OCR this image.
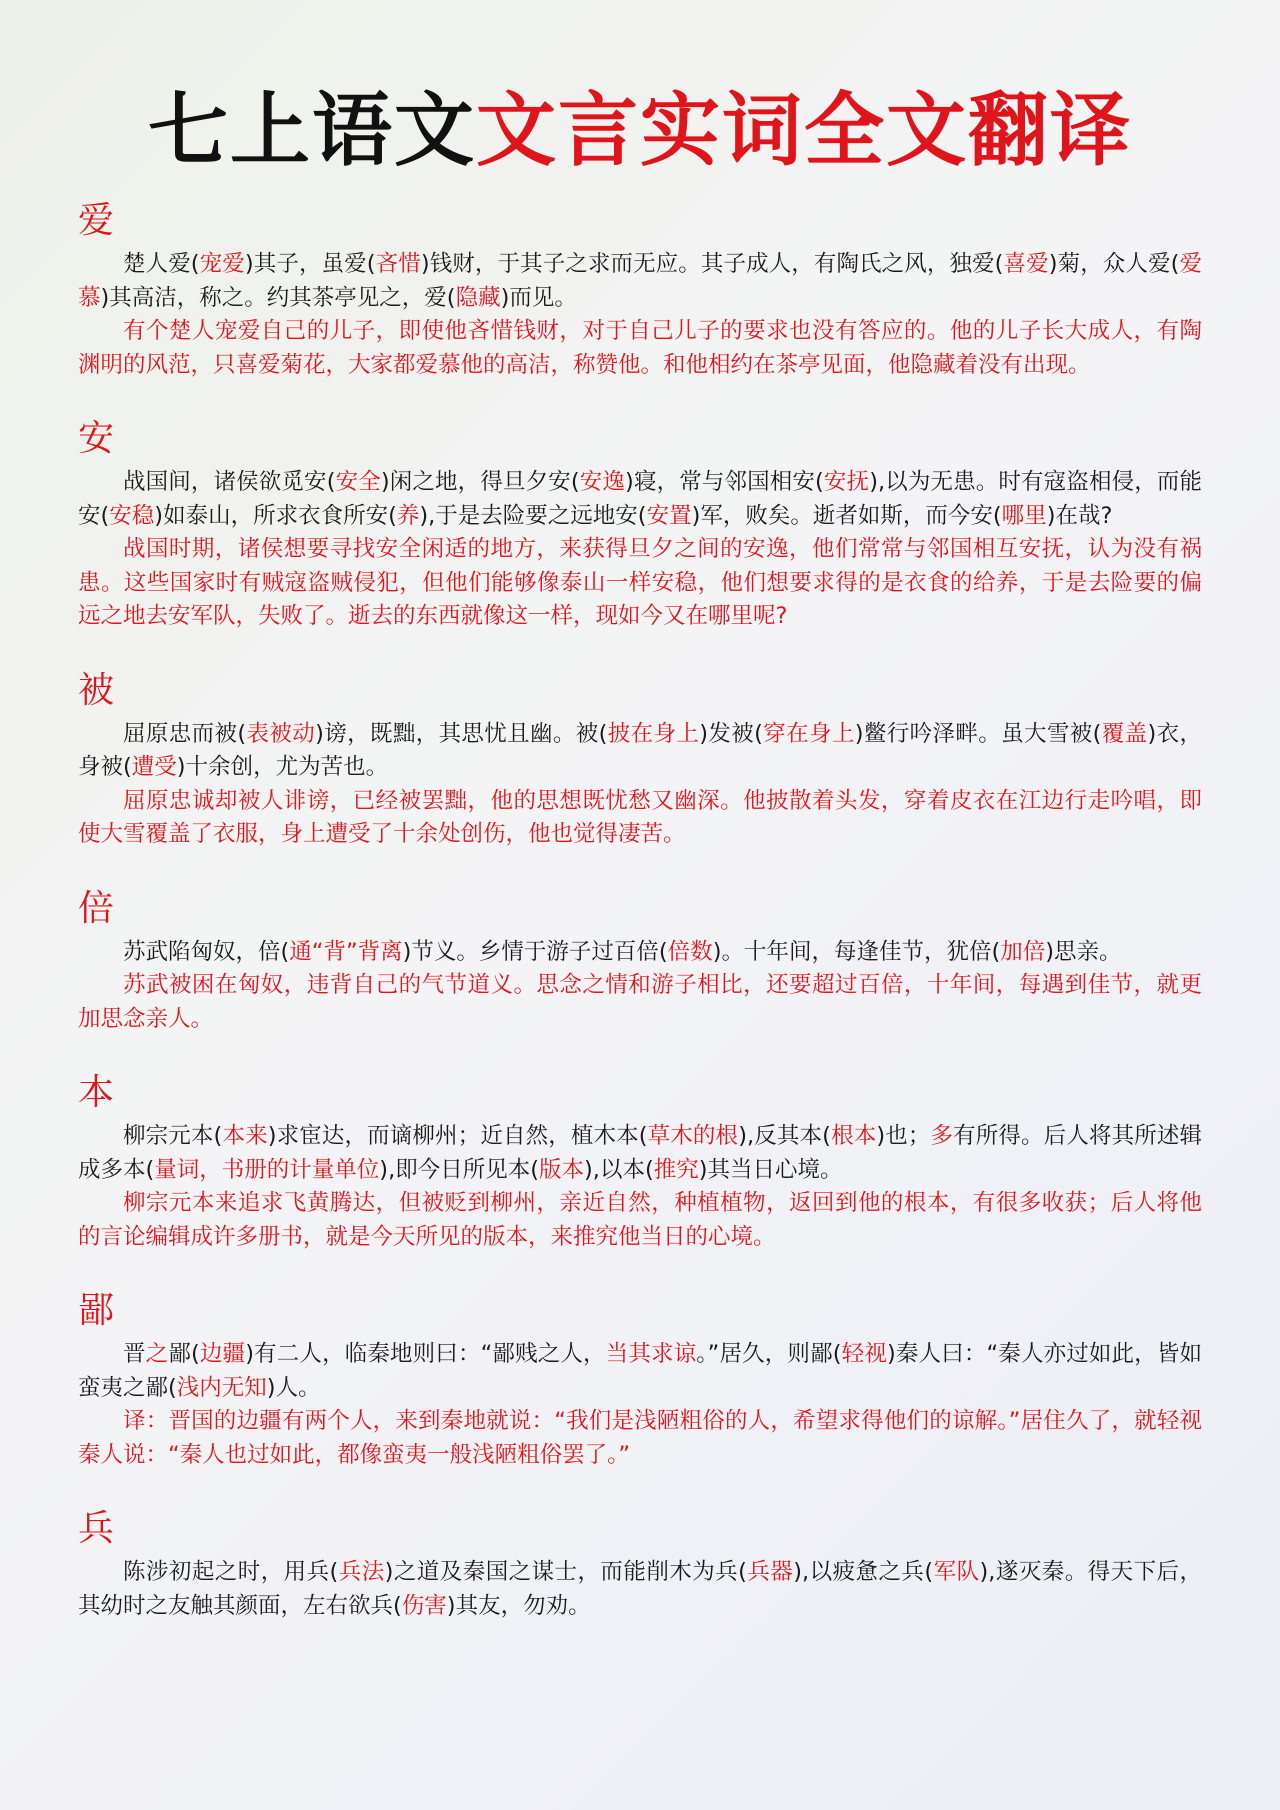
七上语文文言实词全文翻译
爱

楚人爱(宠爱)其子，虽爱(吝惜)钱财，于其子之求而无应。其子成人，有陶氏之风，独爱(喜爱)菊，众人爱(爱慕)其高洁，称之。约其茶亭见之，爱(隐藏)而见。

有个楚人宠爱自己的儿子，即使他吝惜钱财，对于自己儿子的要求也没有答应的。他的儿子长大成人，有陶渊明的风范，只喜爱菊花，大家都爱慕他的高洁，称赞他。和他相约在茶亭见面，他隐藏着没有出现。

安

战国间，诸侯欲觅安(安全)闲之地，得旦夕安(安逸)寝，常与邻国相安(安抚),以为无患。时有寇盗相侵，而能安(安稳)如泰山，所求衣食所安(养),于是去险要之远地安(安置)军，败矣。逝者如斯，而今安(哪里)在哉?

战国时期，诸侯想要寻找安全闲适的地方，来获得旦夕之间的安逸，他们常常与邻国相互安抚，认为没有祸患。这些国家时有贼寇盗贼侵犯，但他们能够像泰山一样安稳，他们想要求得的是衣食的给养，于是去险要的偏远之地去安军队，失败了。逝去的东西就像这一样，现如今又在哪里呢?

被

屈原忠而被(表被动)谤，既黜，其思忧且幽。被(披在身上)发被(穿在身上)鳖行吟泽畔。虽大雪被(覆盖)衣，身被(遭受)十余创，尤为苦也。

屈原忠诚却被人诽谤，已经被罢黜，他的思想既忧愁又幽深。他披散着头发，穿着皮衣在江边行走吟唱，即使大雪覆盖了衣服，身上遭受了十余处创伤，他也觉得凄苦。

倍

苏武陷匈奴，倍(通“背”背离)节义。乡情于游子过百倍(倍数)。十年间，每逢佳节，犹倍(加倍)思亲。

苏武被困在匈奴，违背自己的气节道义。思念之情和游子相比，还要超过百倍，十年间，每遇到佳节，就更加思念亲人。

本

柳宗元本(本来)求宦达，而谪柳州；近自然，植木本(草木的根),反其本(根本)也；多有所得。后人将其所述辑成多本(量词，书册的计量单位),即今日所见本(版本),以本(推究)其当日心境。

柳宗元本来追求飞黄腾达，但被贬到柳州，亲近自然，种植植物，返回到他的根本，有很多收获；后人将他的言论编辑成许多册书，就是今天所见的版本，来推究他当日的心境。

鄙

晋之鄙(边疆)有二人，临秦地则曰：“鄙贱之人，当其求谅。”居久，则鄙(轻视)秦人曰：“秦人亦过如此，皆如蛮夷之鄙(浅内无知)人。

译：晋国的边疆有两个人，来到秦地就说：“我们是浅陋粗俗的人，希望求得他们的谅解。”居住久了，就轻视秦人说：“秦人也过如此，都像蛮夷一般浅陋粗俗罢了。”

兵

陈涉初起之时，用兵(兵法)之道及秦国之谋士，而能削木为兵(兵器),以疲惫之兵(军队),遂灭秦。得天下后，其幼时之友触其颜面，左右欲兵(伤害)其友，勿劝。
